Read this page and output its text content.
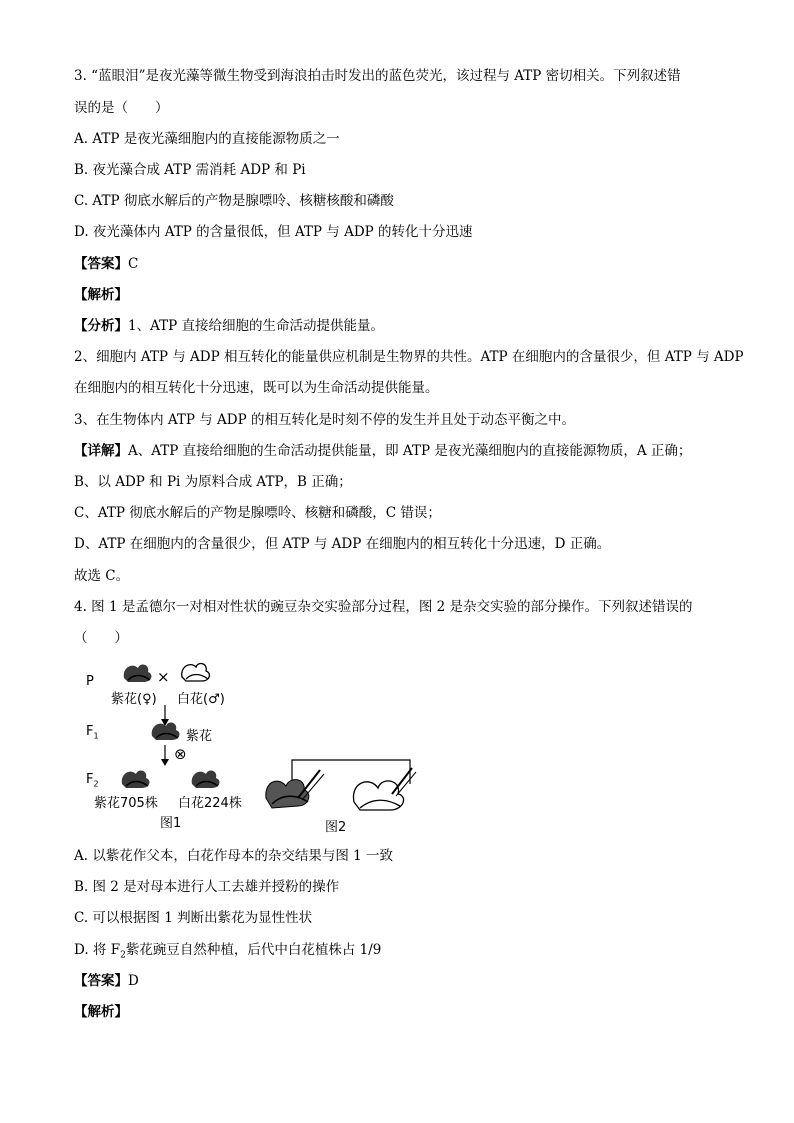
3. “蓝眼泪”是夜光藻等微生物受到海浪拍击时发出的蓝色荧光，该过程与 ATP 密切相关。下列叙述错
误的是（　　）
A. ATP 是夜光藻细胞内的直接能源物质之一
B. 夜光藻合成 ATP 需消耗 ADP 和 Pi
C. ATP 彻底水解后的产物是腺嘌呤、核糖核酸和磷酸
D. 夜光藻体内 ATP 的含量很低，但 ATP 与 ADP 的转化十分迅速
【答案】C
【解析】
【分析】1、ATP 直接给细胞的生命活动提供能量。
2、细胞内 ATP 与 ADP 相互转化的能量供应机制是生物界的共性。ATP 在细胞内的含量很少，但 ATP 与 ADP
在细胞内的相互转化十分迅速，既可以为生命活动提供能量。
3、在生物体内 ATP 与 ADP 的相互转化是时刻不停的发生并且处于动态平衡之中。
【详解】A、ATP 直接给细胞的生命活动提供能量，即 ATP 是夜光藻细胞内的直接能源物质，A 正确；
B、以 ADP 和 Pi 为原料合成 ATP，B 正确；
C、ATP 彻底水解后的产物是腺嘌呤、核糖和磷酸，C 错误；
D、ATP 在细胞内的含量很少，但 ATP 与 ADP 在细胞内的相互转化十分迅速，D 正确。
故选 C。
4. 图 1 是孟德尔一对相对性状的豌豆杂交实验部分过程，图 2 是杂交实验的部分操作。下列叙述错误的
（　　）
P	×
紫花(♀) 白花(♂)
$F_1$	紫花
⊗
$F_2$
紫花705株 白花224株
图1	图2
A. 以紫花作父本，白花作母本的杂交结果与图 1 一致
B. 图 2 是对母本进行人工去雄并授粉的操作
C. 可以根据图 1 判断出紫花为显性性状
D. 将 $F_2$紫花豌豆自然种植，后代中白花植株占 1/9
【答案】D
【解析】
